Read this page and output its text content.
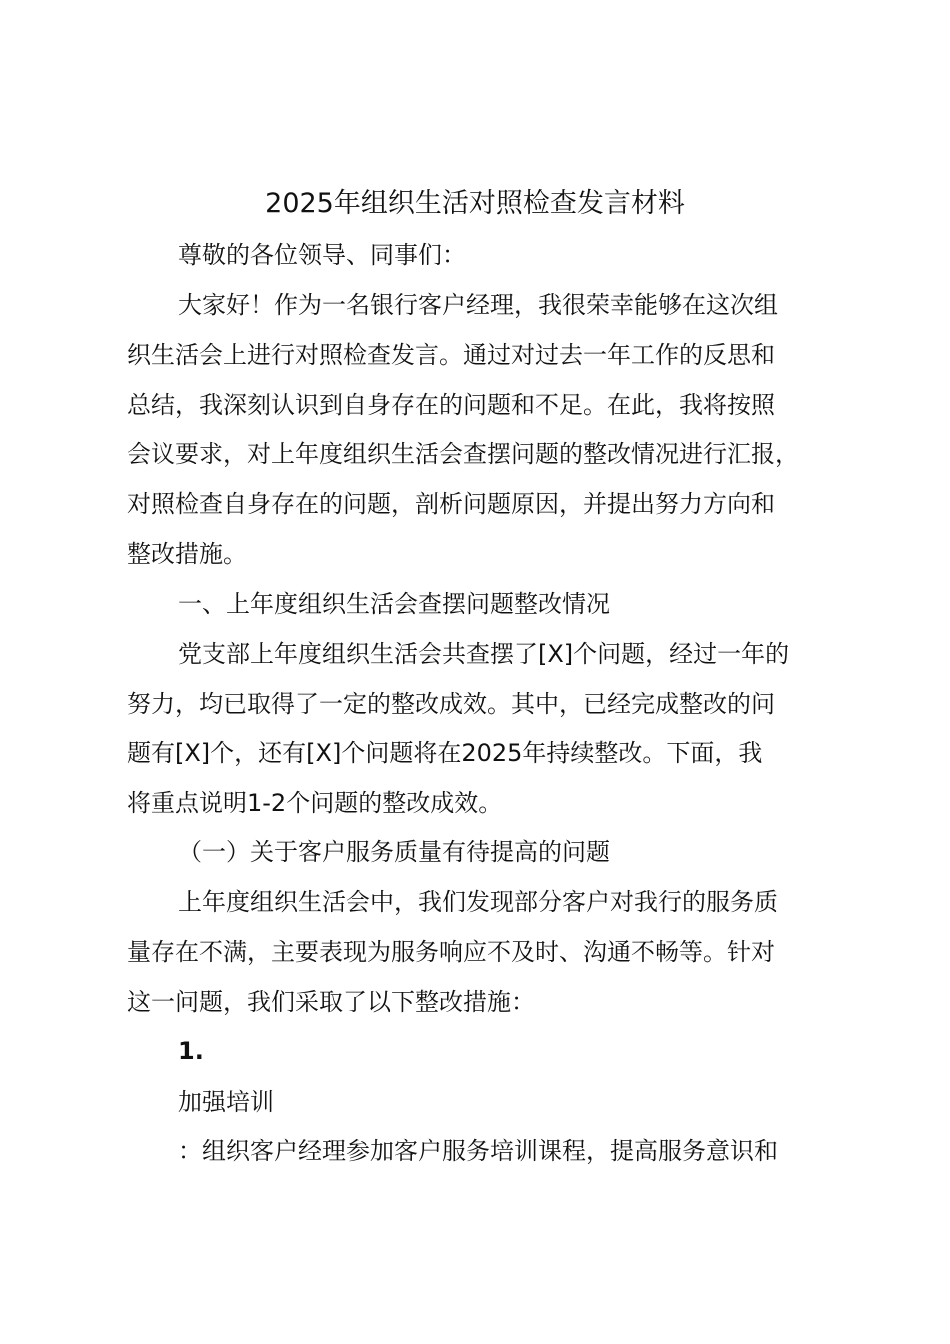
2025年组织生活对照检查发言材料

尊敬的各位领导、同事们：

大家好！作为一名银行客户经理，我很荣幸能够在这次组

织生活会上进行对照检查发言。通过对过去一年工作的反思和

总结，我深刻认识到自身存在的问题和不足。在此，我将按照

会议要求，对上年度组织生活会查摆问题的整改情况进行汇报，

对照检查自身存在的问题，剖析问题原因，并提出努力方向和

整改措施。

一、上年度组织生活会查摆问题整改情况

党支部上年度组织生活会共查摆了[X]个问题，经过一年的

努力，均已取得了一定的整改成效。其中，已经完成整改的问

题有[X]个，还有[X]个问题将在2025年持续整改。下面，我

将重点说明1-2个问题的整改成效。

（一）关于客户服务质量有待提高的问题

上年度组织生活会中，我们发现部分客户对我行的服务质

量存在不满，主要表现为服务响应不及时、沟通不畅等。针对

这一问题，我们采取了以下整改措施：

1.

加强培训

：组织客户经理参加客户服务培训课程，提高服务意识和
